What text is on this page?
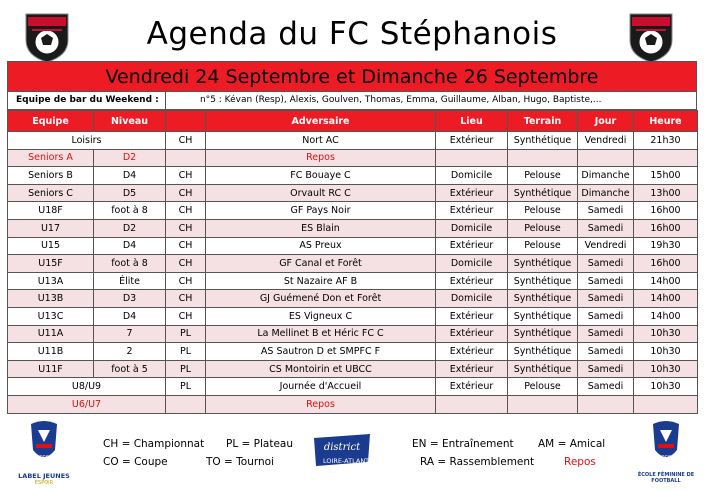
Agenda du FC Stéphanois
Vendredi 24 Septembre et Dimanche 26 Septembre
Equipe de bar du Weekend :	n°5 : Kévan (Resp), Alexis, Goulven, Thomas, Emma, Guillaume, Alban, Hugo, Baptiste,...
Equipe	Niveau		Adversaire	Lieu	Terrain	Jour	Heure
Loisirs		CH	Nort AC	Extérieur	Synthétique	Vendredi	21h30
Seniors A	D2		Repos				
Seniors B	D4	CH	FC Bouaye C	Domicile	Pelouse	Dimanche	15h00
Seniors C	D5	CH	Orvault RC C	Extérieur	Synthétique	Dimanche	13h00
U18F	foot à 8	CH	GF Pays Noir	Extérieur	Pelouse	Samedi	16h00
U17	D2	CH	ES Blain	Domicile	Pelouse	Samedi	16h00
U15	D4	CH	AS Preux	Extérieur	Pelouse	Vendredi	19h30
U15F	foot à 8	CH	GF Canal et Forêt	Domicile	Synthétique	Samedi	16h00
U13A	Élite	CH	St Nazaire AF B	Extérieur	Synthétique	Samedi	14h00
U13B	D3	CH	GJ Guémené Don et Forêt	Domicile	Synthétique	Samedi	14h00
U13C	D4	CH	ES Vigneux C	Extérieur	Synthétique	Samedi	14h00
U11A	7	PL	La Mellinet B et Héric FC C	Extérieur	Synthétique	Samedi	10h30
U11B	2	PL	AS Sautron D et SMPFC F	Extérieur	Synthétique	Samedi	10h30
U11F	foot à 5	PL	CS Montoirin et UBCC	Extérieur	Synthétique	Samedi	10h30
U8/U9		PL	Journée d'Accueil	Extérieur	Pelouse	Samedi	10h30
U6/U7			Repos				
FFF
LABEL JEUNES
ESPOIR
CH = Championnat
CO = Coupe
PL = Plateau
TO = Tournoi
EN = Entraînement
RA = Rassemblement
AM = Amical
Repos
district
LOIRE-ATLANTIQUE	FFF
ÉCOLE FÉMININE DE FOOTBALL
